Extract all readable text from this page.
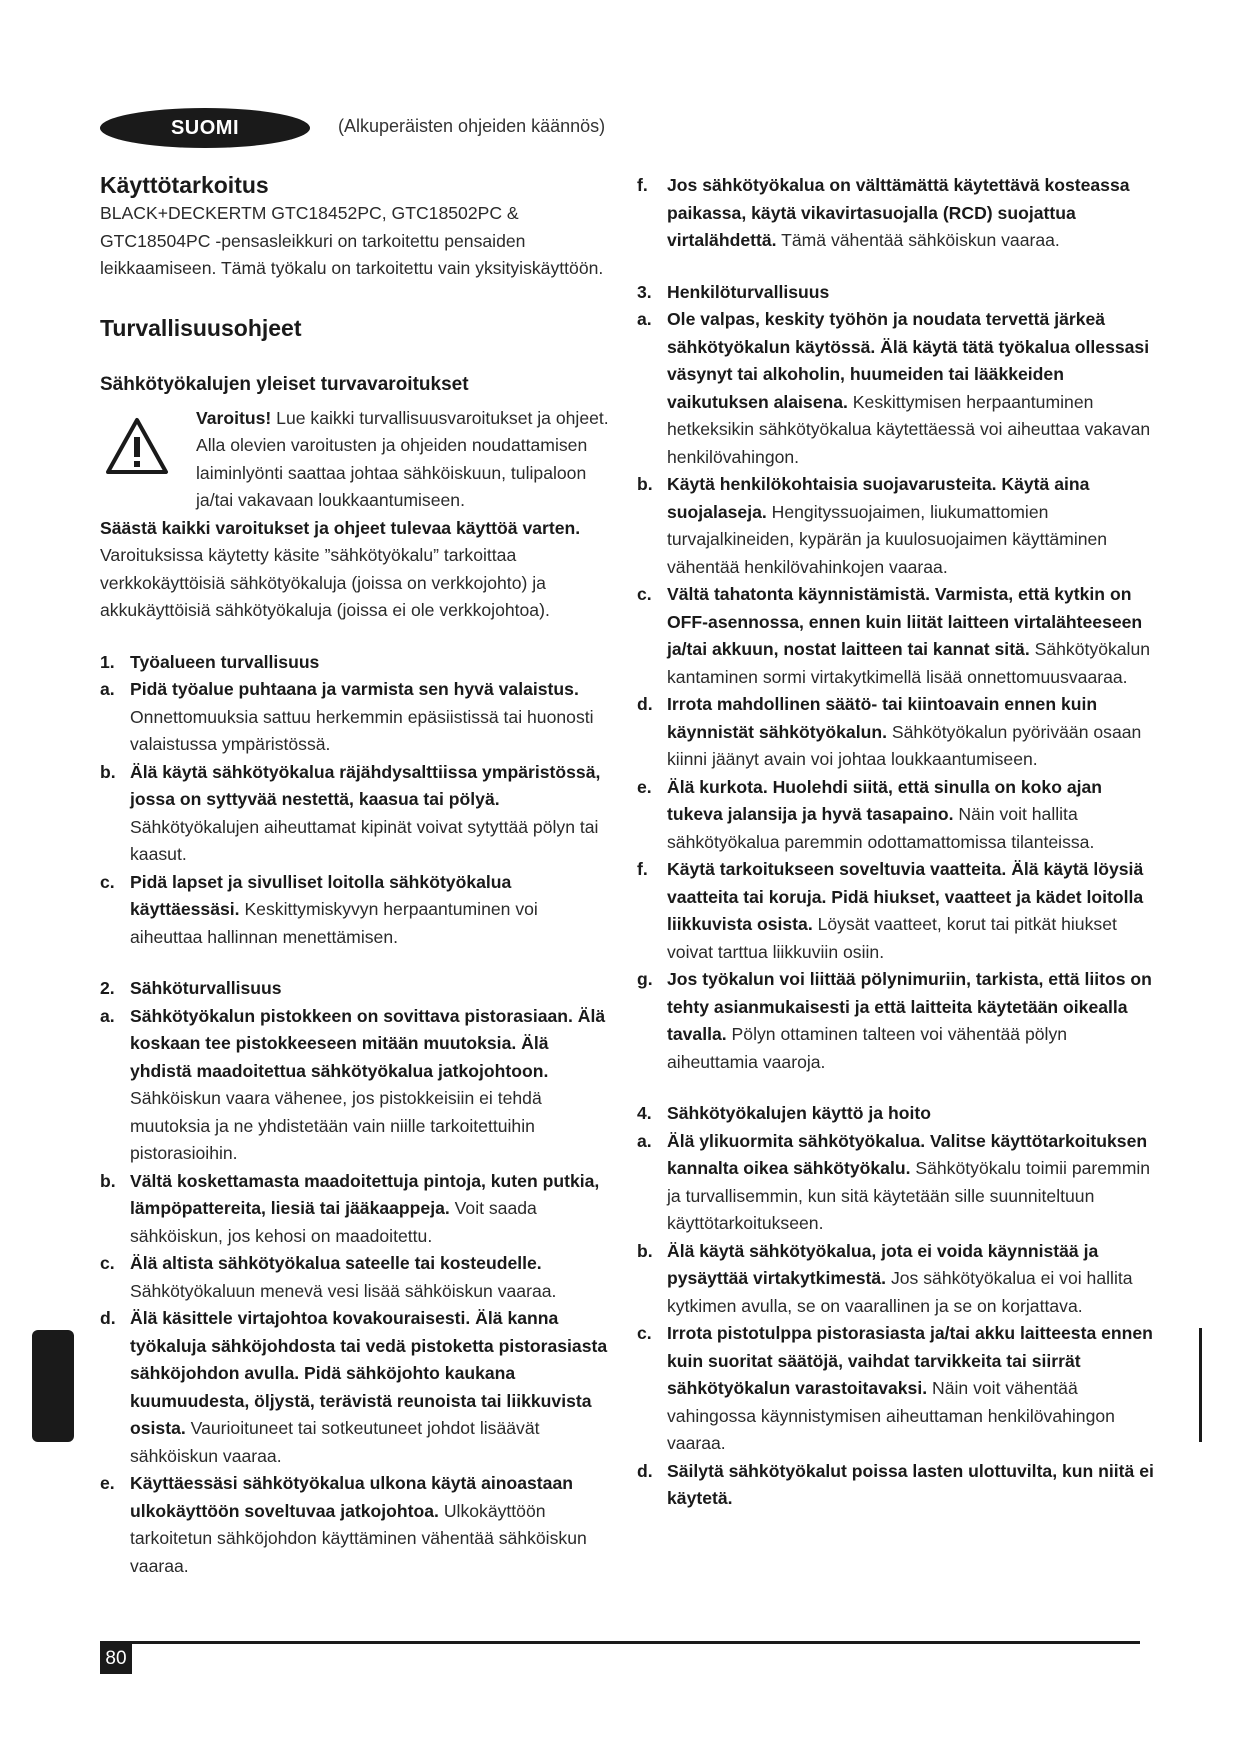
SUOMI	(Alkuperäisten ohjeiden käännös)
Käyttötarkoitus

BLACK+DECKERTM GTC18452PC, GTC18502PC & GTC18504PC -pensasleikkuri on tarkoitettu pensaiden leikkaamiseen. Tämä työkalu on tarkoitettu vain yksityiskäyttöön.

Turvallisuusohjeet
Sähkötyökalujen yleiset turvavaroitukset

Varoitus! Lue kaikki turvallisuusvaroitukset ja ohjeet. Alla olevien varoitusten ja ohjeiden noudattamisen laiminlyönti saattaa johtaa sähköiskuun, tulipaloon ja/tai vakavaan loukkaantumiseen.

Säästä kaikki varoitukset ja ohjeet tulevaa käyttöä varten. Varoituksissa käytetty käsite ”sähkötyökalu” tarkoittaa verkkokäyttöisiä sähkötyökaluja (joissa on verkkojohto) ja akkukäyttöisiä sähkötyökaluja (joissa ei ole verkkojohtoa).

1. Työalueen turvallisuus
a. Pidä työalue puhtaana ja varmista sen hyvä valaistus. Onnettomuuksia sattuu herkemmin epäsiistissä tai huonosti valaistussa ympäristössä.
b. Älä käytä sähkötyökalua räjähdysalttiissa ympäristössä, jossa on syttyvää nestettä, kaasua tai pölyä. Sähkötyökalujen aiheuttamat kipinät voivat sytyttää pölyn tai kaasut.
c. Pidä lapset ja sivulliset loitolla sähkötyökalua käyttäessäsi. Keskittymiskyvyn herpaantuminen voi aiheuttaa hallinnan menettämisen.
2. Sähköturvallisuus
a. Sähkötyökalun pistokkeen on sovittava pistorasiaan. Älä koskaan tee pistokkeeseen mitään muutoksia. Älä yhdistä maadoitettua sähkötyökalua jatkojohtoon. Sähköiskun vaara vähenee, jos pistokkeisiin ei tehdä muutoksia ja ne yhdistetään vain niille tarkoitettuihin pistorasioihin.
b. Vältä koskettamasta maadoitettuja pintoja, kuten putkia, lämpöpattereita, liesiä tai jääkaappeja. Voit saada sähköiskun, jos kehosi on maadoitettu.
c. Älä altista sähkötyökalua sateelle tai kosteudelle. Sähkötyökaluun menevä vesi lisää sähköiskun vaaraa.
d. Älä käsittele virtajohtoa kovakouraisesti. Älä kanna työkaluja sähköjohdosta tai vedä pistoketta pistorasiasta sähköjohdon avulla. Pidä sähköjohto kaukana kuumuudesta, öljystä, terävistä reunoista tai liikkuvista osista. Vaurioituneet tai sotkeutuneet johdot lisäävät sähköiskun vaaraa.
e. Käyttäessäsi sähkötyökalua ulkona käytä ainoastaan ulkokäyttöön soveltuvaa jatkojohtoa. Ulkokäyttöön tarkoitetun sähköjohdon käyttäminen vähentää sähköiskun vaaraa.
f.	Jos sähkötyökalua on välttämättä käytettävä kosteassa paikassa, käytä vikavirtasuojalla (RCD) suojattua virtalähdettä. Tämä vähentää sähköiskun vaaraa.
3. Henkilöturvallisuus
a. Ole valpas, keskity työhön ja noudata tervettä järkeä sähkötyökalun käytössä. Älä käytä tätä työkalua ollessasi väsynyt tai alkoholin, huumeiden tai lääkkeiden vaikutuksen alaisena. Keskittymisen herpaantuminen hetkeksikin sähkötyökalua käytettäessä voi aiheuttaa vakavan henkilövahingon.
b. Käytä henkilökohtaisia suojavarusteita. Käytä aina suojalaseja. Hengityssuojaimen, liukumattomien turvajalkineiden, kypärän ja kuulosuojaimen käyttäminen vähentää henkilövahinkojen vaaraa.
c. Vältä tahatonta käynnistämistä. Varmista, että kytkin on OFF-asennossa, ennen kuin liität laitteen virtalähteeseen ja/tai akkuun, nostat laitteen tai kannat sitä. Sähkötyökalun kantaminen sormi virtakytkimellä lisää onnettomuusvaaraa.
d. Irrota mahdollinen säätö- tai kiintoavain ennen kuin käynnistät sähkötyökalun. Sähkötyökalun pyörivään osaan kiinni jäänyt avain voi johtaa loukkaantumiseen.
e. Älä kurkota. Huolehdi siitä, että sinulla on koko ajan tukeva jalansija ja hyvä tasapaino. Näin voit hallita sähkötyökalua paremmin odottamattomissa tilanteissa.
f.	Käytä tarkoitukseen soveltuvia vaatteita. Älä käytä löysiä vaatteita tai koruja. Pidä hiukset, vaatteet ja kädet loitolla liikkuvista osista. Löysät vaatteet, korut tai pitkät hiukset voivat tarttua liikkuviin osiin.
g. Jos työkalun voi liittää pölynimuriin, tarkista, että liitos on tehty asianmukaisesti ja että laitteita käytetään oikealla tavalla. Pölyn ottaminen talteen voi vähentää pölyn aiheuttamia vaaroja.
4. Sähkötyökalujen käyttö ja hoito
a. Älä ylikuormita sähkötyökalua. Valitse käyttötarkoituksen kannalta oikea sähkötyökalu. Sähkötyökalu toimii paremmin ja turvallisemmin, kun sitä käytetään sille suunniteltuun käyttötarkoitukseen.
b. Älä käytä sähkötyökalua, jota ei voida käynnistää ja pysäyttää virtakytkimestä. Jos sähkötyökalua ei voi hallita kytkimen avulla, se on vaarallinen ja se on korjattava.
c. Irrota pistotulppa pistorasiasta ja/tai akku laitteesta ennen kuin suoritat säätöjä, vaihdat tarvikkeita tai siirrät sähkötyökalun varastoitavaksi. Näin voit vähentää vahingossa käynnistymisen aiheuttaman henkilövahingon vaaraa.
d. Säilytä sähkötyökalut poissa lasten ulottuvilta, kun niitä ei käytetä.
80
